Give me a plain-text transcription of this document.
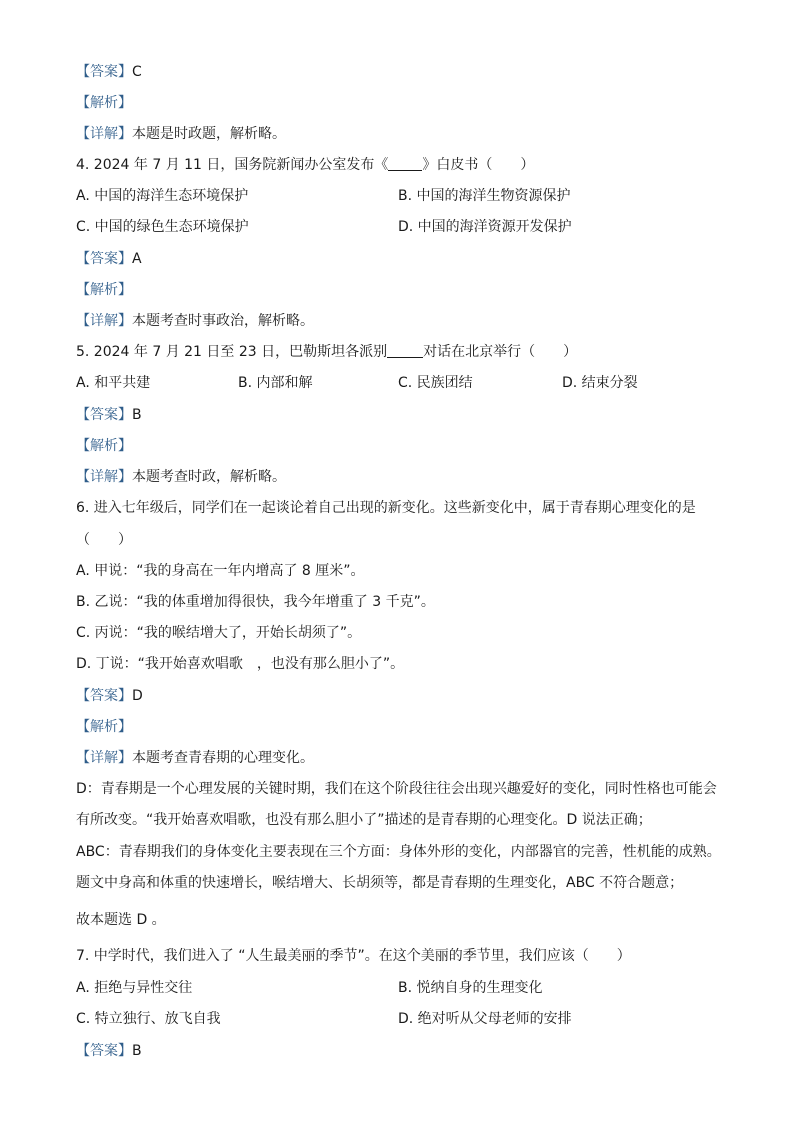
【答案】C
【解析】
【详解】本题是时政题，解析略。
4. 2024 年 7 月 11 日，国务院新闻办公室发布《 》白皮书（　　）
A. 中国的海洋生态环境保护	B. 中国的海洋生物资源保护
C. 中国的绿色生态环境保护	D. 中国的海洋资源开发保护
【答案】A
【解析】
【详解】本题考查时事政治，解析略。
5. 2024 年 7 月 21 日至 23 日，巴勒斯坦各派别	对话在北京举行（　　）
A. 和平共建	B. 内部和解	C. 民族团结	D. 结束分裂
【答案】B
【解析】
【详解】本题考查时政，解析略。
6. 进入七年级后，同学们在一起谈论着自己出现的新变化。这些新变化中，属于青春期心理变化的是
（　　）
A. 甲说：“我的身高在一年内增高了 8 厘米”。
B. 乙说：“我的体重增加得很快，我今年增重了 3 千克”。
C. 丙说：“我的喉结增大了，开始长胡须了”。
D. 丁说：“我开始喜欢唱歌　，也没有那么胆小了”。
【答案】D
【解析】
【详解】本题考查青春期的心理变化。
D：青春期是一个心理发展的关键时期，我们在这个阶段往往会出现兴趣爱好的变化，同时性格也可能会有所改变。“我开始喜欢唱歌，也没有那么胆小了”描述的是青春期的心理变化。D 说法正确；
ABC：青春期我们的身体变化主要表现在三个方面：身体外形的变化，内部器官的完善，性机能的成熟。题文中身高和体重的快速增长，喉结增大、长胡须等，都是青春期的生理变化，ABC 不符合题意；
故本题选 D 。
7. 中学时代，我们进入了 “人生最美丽的季节”。在这个美丽的季节里，我们应该（　　）
A. 拒绝与异性交往	B. 悦纳自身的生理变化
C. 特立独行、放飞自我	D. 绝对听从父母老师的安排
【答案】B
